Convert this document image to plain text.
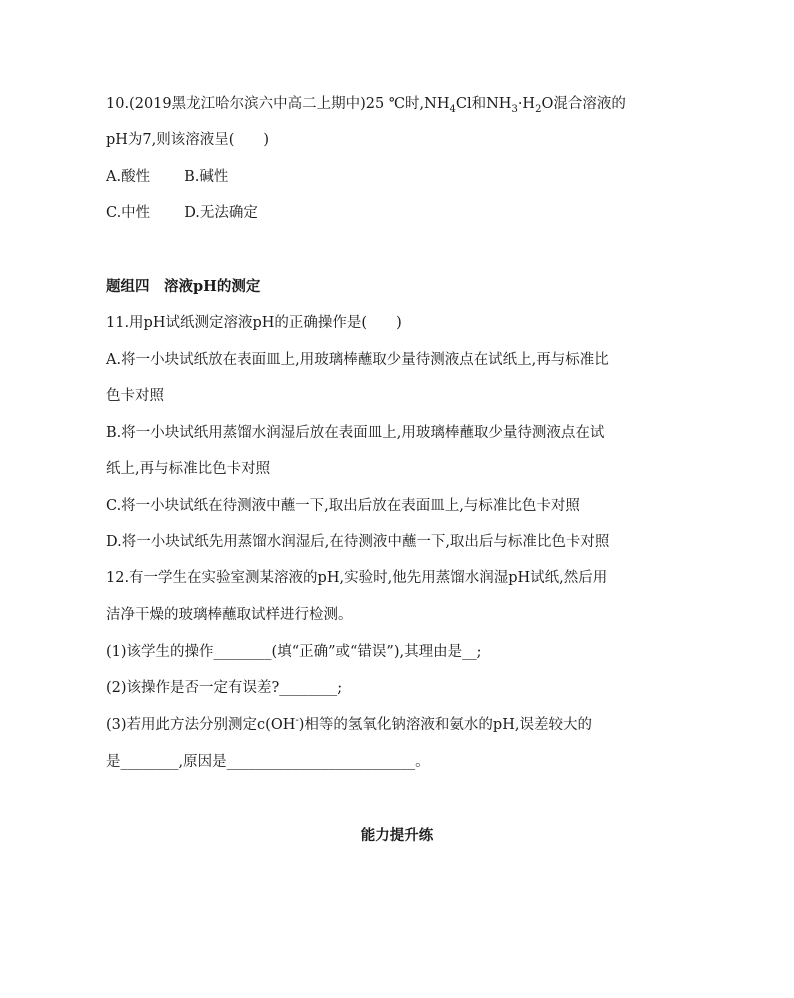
10.(2019黑龙江哈尔滨六中高二上期中)25 ℃时$,NH_4Cl$和$NH_3\cdot H_2O$混合溶液的
pH为7,则该溶液呈(　　)
A.酸性 B.碱性
C.中性 D.无法确定
题组四　溶液pH的测定
11.用pH试纸测定溶液pH的正确操作是(　　)
A.将一小块试纸放在表面皿上,用玻璃棒蘸取少量待测液点在试纸上,再与标准比
色卡对照
B.将一小块试纸用蒸馏水润湿后放在表面皿上,用玻璃棒蘸取少量待测液点在试
纸上,再与标准比色卡对照
C.将一小块试纸在待测液中蘸一下,取出后放在表面皿上,与标准比色卡对照
D.将一小块试纸先用蒸馏水润湿后,在待测液中蘸一下,取出后与标准比色卡对照
12.有一学生在实验室测某溶液的pH,实验时,他先用蒸馏水润湿pH试纸,然后用
洁净干燥的玻璃棒蘸取试样进行检测。
(1)该学生的操作________(填“正确”或“错误”),其理由是__;
(2)该操作是否一定有误差?________;
(3)若用此方法分别测定c(OH-)相等的氢氧化钠溶液和氨水的pH,误差较大的
是________,原因是__________________________。
能力提升练
